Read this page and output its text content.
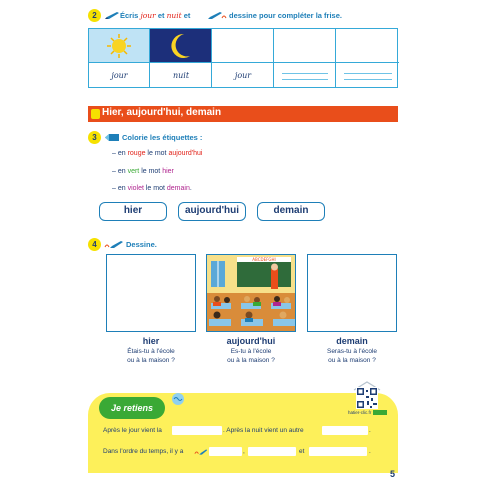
2	Écris jour et nuit et	dessine pour compléter la frise.
jour	nuit	jour
Hier, aujourd'hui, demain
3	Colorie les étiquettes :
– en rouge le mot aujourd'hui
– en vert le mot hier
– en violet le mot demain.
hier	aujourd'hui	demain
4	Dessine.
ABCDEFGHI
hier
Étais-tu à l'école
ou à la maison ?
aujourd'hui
Es-tu à l'école
ou à la maison ?
demain
Seras-tu à l'école
ou à la maison ?
Je retiens	hatier-clic.fr
Après le jour vient la	. Après la nuit vient un autre	.
Dans l'ordre du temps, il y a	,	et	.
5
